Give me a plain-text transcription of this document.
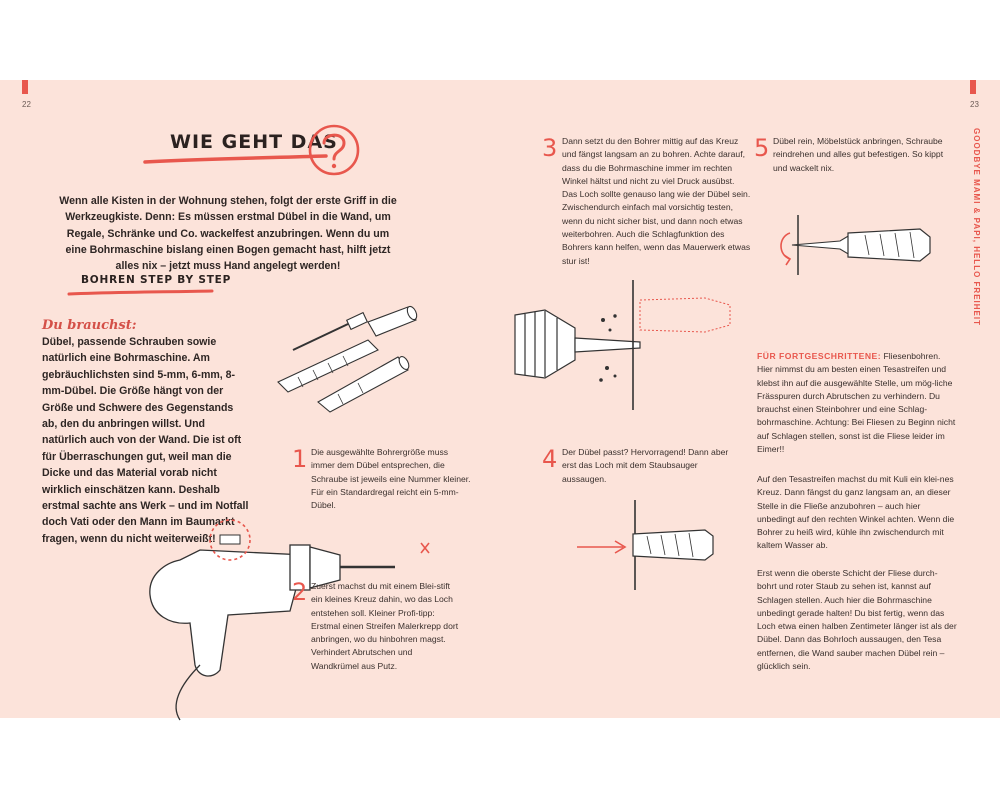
22	23
GOODBYE MAMI & PAPI, HELLO FREIHEIT
WIE GEHT DAS
Wenn alle Kisten in der Wohnung stehen, folgt der erste Griff in die Werkzeugkiste. Denn: Es müssen erstmal Dübel in die Wand, um Regale, Schränke und Co. wackelfest anzubringen. Wenn du um eine Bohrmaschine bislang einen Bogen gemacht hast, hilft jetzt alles nix – jetzt muss Hand angelegt werden!
BOHREN STEP BY STEP
Du brauchst:
Dübel, passende Schrauben sowie natürlich eine Bohrmaschine. Am gebräuchlichsten sind 5-mm, 6-mm, 8-mm-Dübel. Die Größe hängt von der Größe und Schwere des Gegenstands ab, den du anbringen willst. Und natürlich auch von der Wand. Die ist oft für Überraschungen gut, weil man die Dicke und das Material vorab nicht wirklich einschätzen kann. Deshalb erstmal sachte ans Werk – und im Notfall doch Vati oder den Mann im Baumarkt fragen, wenn du nicht weiterweißt!
1 Die ausgewählte Bohrergröße muss immer dem Dübel entsprechen, die Schraube ist jeweils eine Nummer kleiner. Für ein Standardregal reicht ein 5-mm-Dübel.
2 Zuerst machst du mit einem Blei-stift ein kleines Kreuz dahin, wo das Loch entstehen soll. Kleiner Profi-tipp: Erstmal einen Streifen Malerkrepp dort anbringen, wo du hinbohren magst. Verhindert Abrutschen und Wandkrümel aus Putz.
3 Dann setzt du den Bohrer mittig auf das Kreuz und fängst langsam an zu bohren. Achte darauf, dass du die Bohrmaschine immer im rechten Winkel hältst und nicht zu viel Druck ausübst. Das Loch sollte genauso lang wie der Dübel sein. Zwischendurch einfach mal vorsichtig testen, wenn du nicht sicher bist, und dann noch etwas weiterbohren. Auch die Schlagfunktion des Bohrers kann helfen, wenn das Mauerwerk etwas stur ist!
4 Der Dübel passt? Hervorragend! Dann aber erst das Loch mit dem Staubsauger aussaugen.
5 Dübel rein, Möbelstück anbringen, Schraube reindrehen und alles gut befestigen. So kippt und wackelt nix.
FÜR FORTGESCHRITTENE: Fliesenbohren. Hier nimmst du am besten einen Tesastreifen und klebst ihn auf die ausgewählte Stelle, um mög-liche Frässpuren durch Abrutschen zu verhindern. Du brauchst einen Steinbohrer und eine Schlag-bohrmaschine. Achtung: Bei Fliesen zu Beginn nicht auf Schlagen stellen, sonst ist die Fliese leider im Eimer!!
Auf den Tesastreifen machst du mit Kuli ein klei-nes Kreuz. Dann fängst du ganz langsam an, an dieser Stelle in die Fließe anzubohren – auch hier unbedingt auf den rechten Winkel achten. Wenn die Bohrer zu heiß wird, kühle ihn zwischendurch mit kaltem Wasser ab.
Erst wenn die oberste Schicht der Fliese durch-bohrt und roter Staub zu sehen ist, kannst auf Schlagen stellen. Auch hier die Bohrmaschine unbedingt gerade halten! Du bist fertig, wenn das Loch etwa einen halben Zentimeter länger ist als der Dübel. Dann das Bohrloch aussaugen, den Tesa entfernen, die Wand sauber machen Dübel rein – glücklich sein.
